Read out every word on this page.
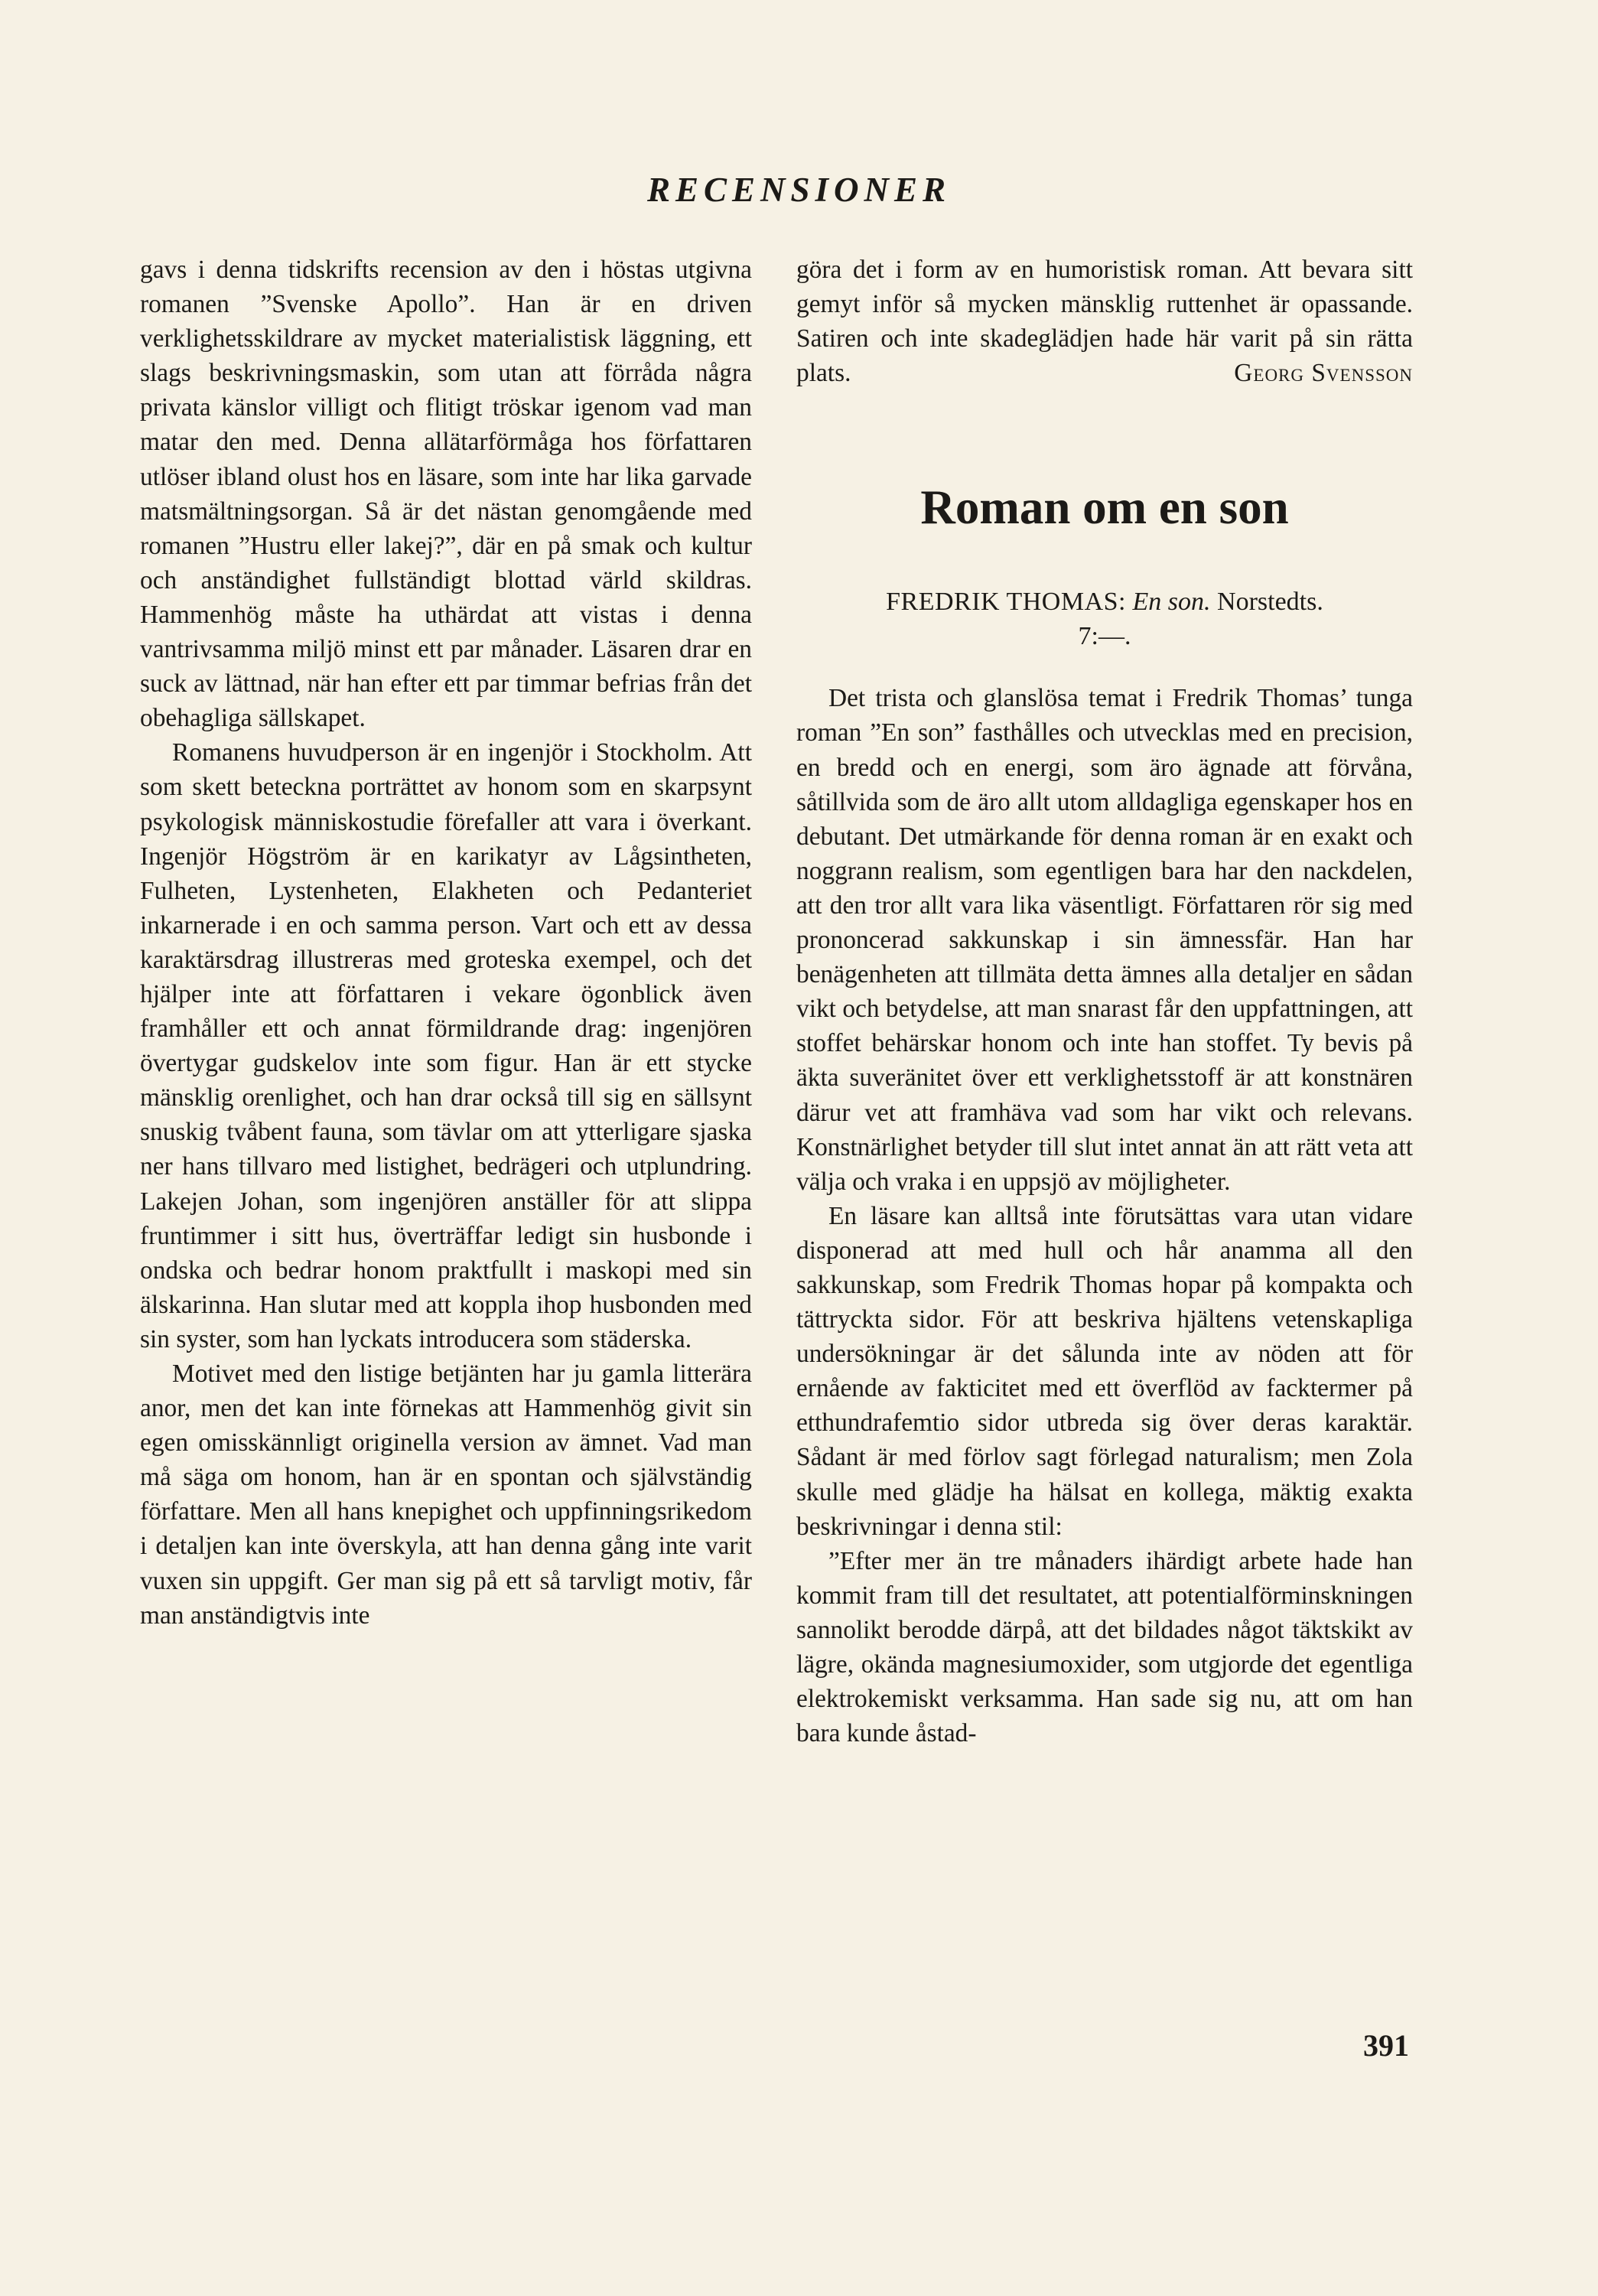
RECENSIONER

gavs i denna tidskrifts recension av den i höstas utgivna romanen ”Svenske Apollo”. Han är en driven verklighetsskildrare av mycket materialistisk läggning, ett slags beskrivningsmaskin, som utan att förråda några privata känslor villigt och flitigt tröskar igenom vad man matar den med. Denna allätarförmåga hos författaren utlöser ibland olust hos en läsare, som inte har lika garvade matsmältningsorgan. Så är det nästan genomgående med romanen ”Hustru eller lakej?”, där en på smak och kultur och anständighet fullständigt blottad värld skildras. Hammenhög måste ha uthärdat att vistas i denna vantrivsamma miljö minst ett par månader. Läsaren drar en suck av lättnad, när han efter ett par timmar befrias från det obehagliga sällskapet.

Romanens huvudperson är en ingenjör i Stockholm. Att som skett beteckna porträttet av honom som en skarpsynt psykologisk människostudie förefaller att vara i överkant. Ingenjör Högström är en karikatyr av Lågsintheten, Fulheten, Lystenheten, Elakheten och Pedanteriet inkarnerade i en och samma person. Vart och ett av dessa karaktärsdrag illustreras med groteska exempel, och det hjälper inte att författaren i vekare ögonblick även framhåller ett och annat förmildrande drag: ingenjören övertygar gudskelov inte som figur. Han är ett stycke mänsklig orenlighet, och han drar också till sig en sällsynt snuskig tvåbent fauna, som tävlar om att ytterligare sjaska ner hans tillvaro med listighet, bedrägeri och utplundring. Lakejen Johan, som ingenjören anställer för att slippa fruntimmer i sitt hus, överträffar ledigt sin husbonde i ondska och bedrar honom praktfullt i maskopi med sin älskarinna. Han slutar med att koppla ihop husbonden med sin syster, som han lyckats introducera som städerska.

Motivet med den listige betjänten har ju gamla litterära anor, men det kan inte förnekas att Hammenhög givit sin egen omisskännligt originella version av ämnet. Vad man må säga om honom, han är en spontan och självständig författare. Men all hans knepighet och uppfinningsrikedom i detaljen kan inte överskyla, att han denna gång inte varit vuxen sin uppgift. Ger man sig på ett så tarvligt motiv, får man anständigtvis inte

göra det i form av en humoristisk roman. Att bevara sitt gemyt inför så mycken mänsklig ruttenhet är opassande. Satiren och inte skadeglädjen hade här varit på sin rätta plats.	Georg Svensson
Roman om en son
FREDRIK THOMAS: En son. Norstedts.
7:—.

Det trista och glanslösa temat i Fredrik Thomas’ tunga roman ”En son” fasthålles och utvecklas med en precision, en bredd och en energi, som äro ägnade att förvåna, såtillvida som de äro allt utom alldagliga egenskaper hos en debutant. Det utmärkande för denna roman är en exakt och noggrann realism, som egentligen bara har den nackdelen, att den tror allt vara lika väsentligt. Författaren rör sig med prononcerad sakkunskap i sin ämnessfär. Han har benägenheten att tillmäta detta ämnes alla detaljer en sådan vikt och betydelse, att man snarast får den uppfattningen, att stoffet behärskar honom och inte han stoffet. Ty bevis på äkta suveränitet över ett verklighetsstoff är att konstnären därur vet att framhäva vad som har vikt och relevans. Konstnärlighet betyder till slut intet annat än att rätt veta att välja och vraka i en uppsjö av möjligheter.

En läsare kan alltså inte förutsättas vara utan vidare disponerad att med hull och hår anamma all den sakkunskap, som Fredrik Thomas hopar på kompakta och tättryckta sidor. För att beskriva hjältens vetenskapliga undersökningar är det sålunda inte av nöden att för ernående av fakticitet med ett överflöd av facktermer på etthundrafemtio sidor utbreda sig över deras karaktär. Sådant är med förlov sagt förlegad naturalism; men Zola skulle med glädje ha hälsat en kollega, mäktig exakta beskrivningar i denna stil:

”Efter mer än tre månaders ihärdigt arbete hade han kommit fram till det resultatet, att potentialförminskningen sannolikt berodde därpå, att det bildades något täktskikt av lägre, okända magnesiumoxider, som utgjorde det egentliga elektrokemiskt verksamma. Han sade sig nu, att om han bara kunde åstad-

391
